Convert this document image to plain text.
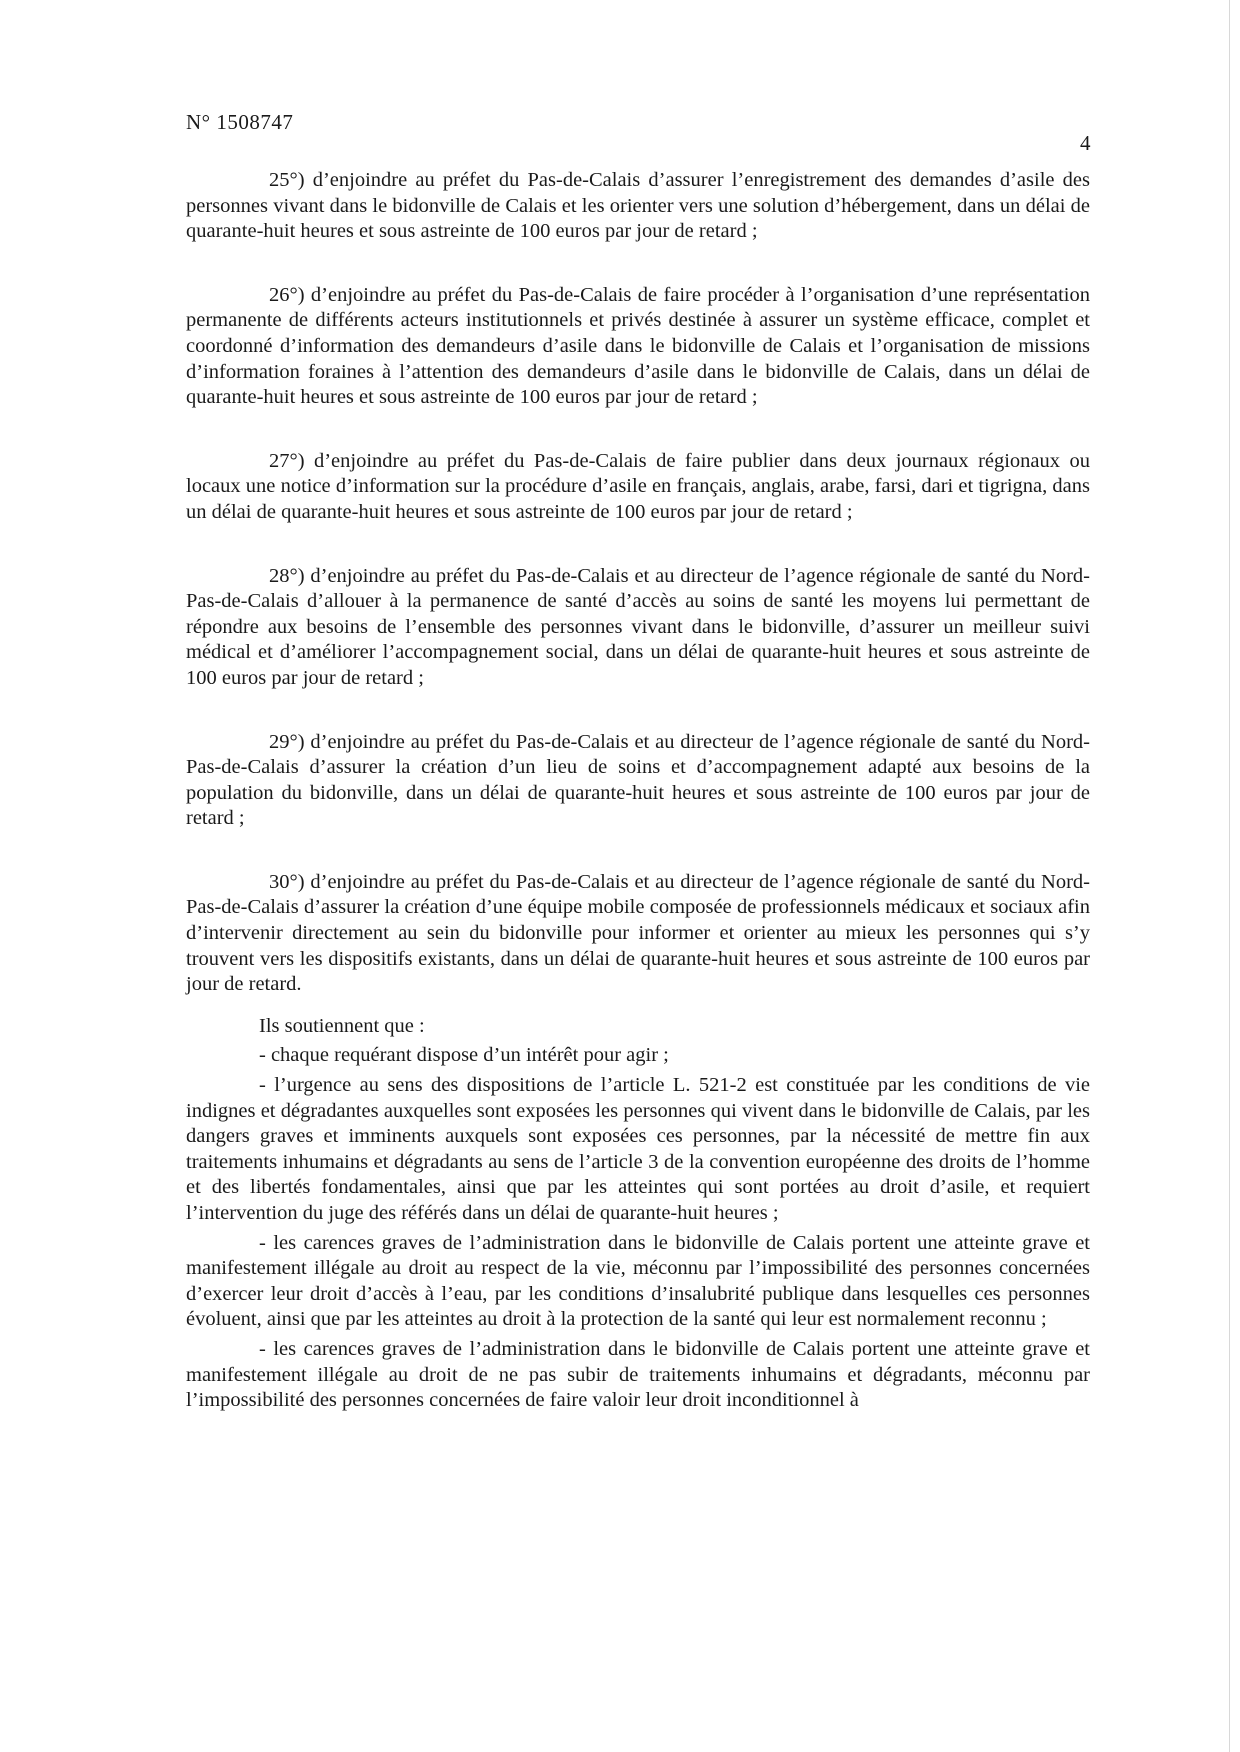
N° 1508747
4

25°) d’enjoindre au préfet du Pas-de-Calais d’assurer l’enregistrement des demandes d’asile des personnes vivant dans le bidonville de Calais et les orienter vers une solution d’hébergement, dans un délai de quarante-huit heures et sous astreinte de 100 euros par jour de retard ;

26°) d’enjoindre au préfet du Pas-de-Calais de faire procéder à l’organisation d’une représentation permanente de différents acteurs institutionnels et privés destinée à assurer un système efficace, complet et coordonné d’information des demandeurs d’asile dans le bidonville de Calais et l’organisation de missions d’information foraines à l’attention des demandeurs d’asile dans le bidonville de Calais, dans un délai de quarante-huit heures et sous astreinte de 100 euros par jour de retard ;

27°) d’enjoindre au préfet du Pas-de-Calais de faire publier dans deux journaux régionaux ou locaux une notice d’information sur la procédure d’asile en français, anglais, arabe, farsi, dari et tigrigna, dans un délai de quarante-huit heures et sous astreinte de 100 euros par jour de retard ;

28°) d’enjoindre au préfet du Pas-de-Calais et au directeur de l’agence régionale de santé du Nord-Pas-de-Calais d’allouer à la permanence de santé d’accès au soins de santé les moyens lui permettant de répondre aux besoins de l’ensemble des personnes vivant dans le bidonville, d’assurer un meilleur suivi médical et d’améliorer l’accompagnement social, dans un délai de quarante-huit heures et sous astreinte de 100 euros par jour de retard ;

29°) d’enjoindre au préfet du Pas-de-Calais et au directeur de l’agence régionale de santé du Nord-Pas-de-Calais d’assurer la création d’un lieu de soins et d’accompagnement adapté aux besoins de la population du bidonville, dans un délai de quarante-huit heures et sous astreinte de 100 euros par jour de retard ;

30°) d’enjoindre au préfet du Pas-de-Calais et au directeur de l’agence régionale de santé du Nord-Pas-de-Calais d’assurer la création d’une équipe mobile composée de professionnels médicaux et sociaux afin d’intervenir directement au sein du bidonville pour informer et orienter au mieux les personnes qui s’y trouvent vers les dispositifs existants, dans un délai de quarante-huit heures et sous astreinte de 100 euros par jour de retard.

Ils soutiennent que :

- chaque requérant dispose d’un intérêt pour agir ;

- l’urgence au sens des dispositions de l’article L. 521-2 est constituée par les conditions de vie indignes et dégradantes auxquelles sont exposées les personnes qui vivent dans le bidonville de Calais, par les dangers graves et imminents auxquels sont exposées ces personnes, par la nécessité de mettre fin aux traitements inhumains et dégradants au sens de l’article 3 de la convention européenne des droits de l’homme et des libertés fondamentales, ainsi que par les atteintes qui sont portées au droit d’asile, et requiert l’intervention du juge des référés dans un délai de quarante-huit heures ;

- les carences graves de l’administration dans le bidonville de Calais portent une atteinte grave et manifestement illégale au droit au respect de la vie, méconnu par l’impossibilité des personnes concernées d’exercer leur droit d’accès à l’eau, par les conditions d’insalubrité publique dans lesquelles ces personnes évoluent, ainsi que par les atteintes au droit à la protection de la santé qui leur est normalement reconnu ;

- les carences graves de l’administration dans le bidonville de Calais portent une atteinte grave et manifestement illégale au droit de ne pas subir de traitements inhumains et dégradants, méconnu par l’impossibilité des personnes concernées de faire valoir leur droit inconditionnel à
